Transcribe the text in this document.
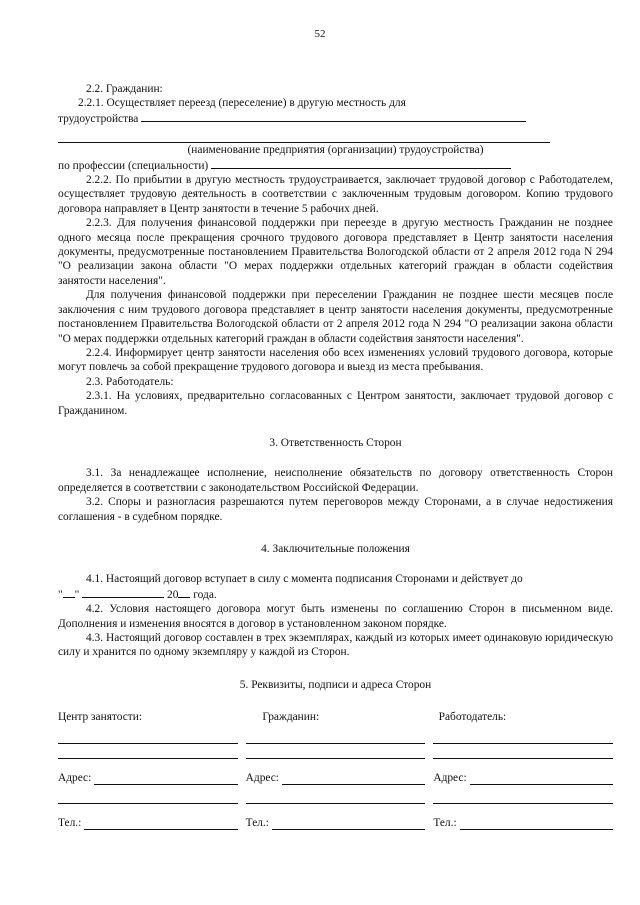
52

2.2. Гражданин:

2.2.1. Осуществляет переезд (переселение) в другую местность для

трудоустройства

(наименование предприятия (организации) трудоустройства)

по профессии (специальности)

2.2.2. По прибытии в другую местность трудоустраивается, заключает трудовой договор с Работодателем, осуществляет трудовую деятельность в соответствии с заключенным трудовым договором. Копию трудового договора направляет в Центр занятости в течение 5 рабочих дней.

2.2.3. Для получения финансовой поддержки при переезде в другую местность Гражданин не позднее одного месяца после прекращения срочного трудового договора представляет в Центр занятости населения документы, предусмотренные постановлением Правительства Вологодской области от 2 апреля 2012 года N 294 "О реализации закона области "О мерах поддержки отдельных категорий граждан в области содействия занятости населения".

Для получения финансовой поддержки при переселении Гражданин не позднее шести месяцев после заключения с ним трудового договора представляет в центр занятости населения документы, предусмотренные постановлением Правительства Вологодской области от 2 апреля 2012 года N 294 "О реализации закона области "О мерах поддержки отдельных категорий граждан в области содействия занятости населения".

2.2.4. Информирует центр занятости населения обо всех изменениях условий трудового договора, которые могут повлечь за собой прекращение трудового договора и выезд из места пребывания.

2.3. Работодатель:

2.3.1. На условиях, предварительно согласованных с Центром занятости, заключает трудовой договор с Гражданином.

3. Ответственность Сторон

3.1. За ненадлежащее исполнение, неисполнение обязательств по договору ответственность Сторон определяется в соответствии с законодательством Российской Федерации.

3.2. Споры и разногласия разрешаются путем переговоров между Сторонами, а в случае недостижения соглашения - в судебном порядке.

4. Заключительные положения

4.1. Настоящий договор вступает в силу с момента подписания Сторонами и действует до

" "	20 года.

4.2. Условия настоящего договора могут быть изменены по соглашению Сторон в письменном виде. Дополнения и изменения вносятся в договор в установленном законом порядке.

4.3. Настоящий договор составлен в трех экземплярах, каждый из которых имеет одинаковую юридическую силу и хранится по одному экземпляру у каждой из Сторон.

5. Реквизиты, подписи и адреса Сторон
Центр занятости:	Гражданин:	Работодатель:
Адрес:	Адрес:	Адрес:
Тел.:	Тел.:	Тел.:
